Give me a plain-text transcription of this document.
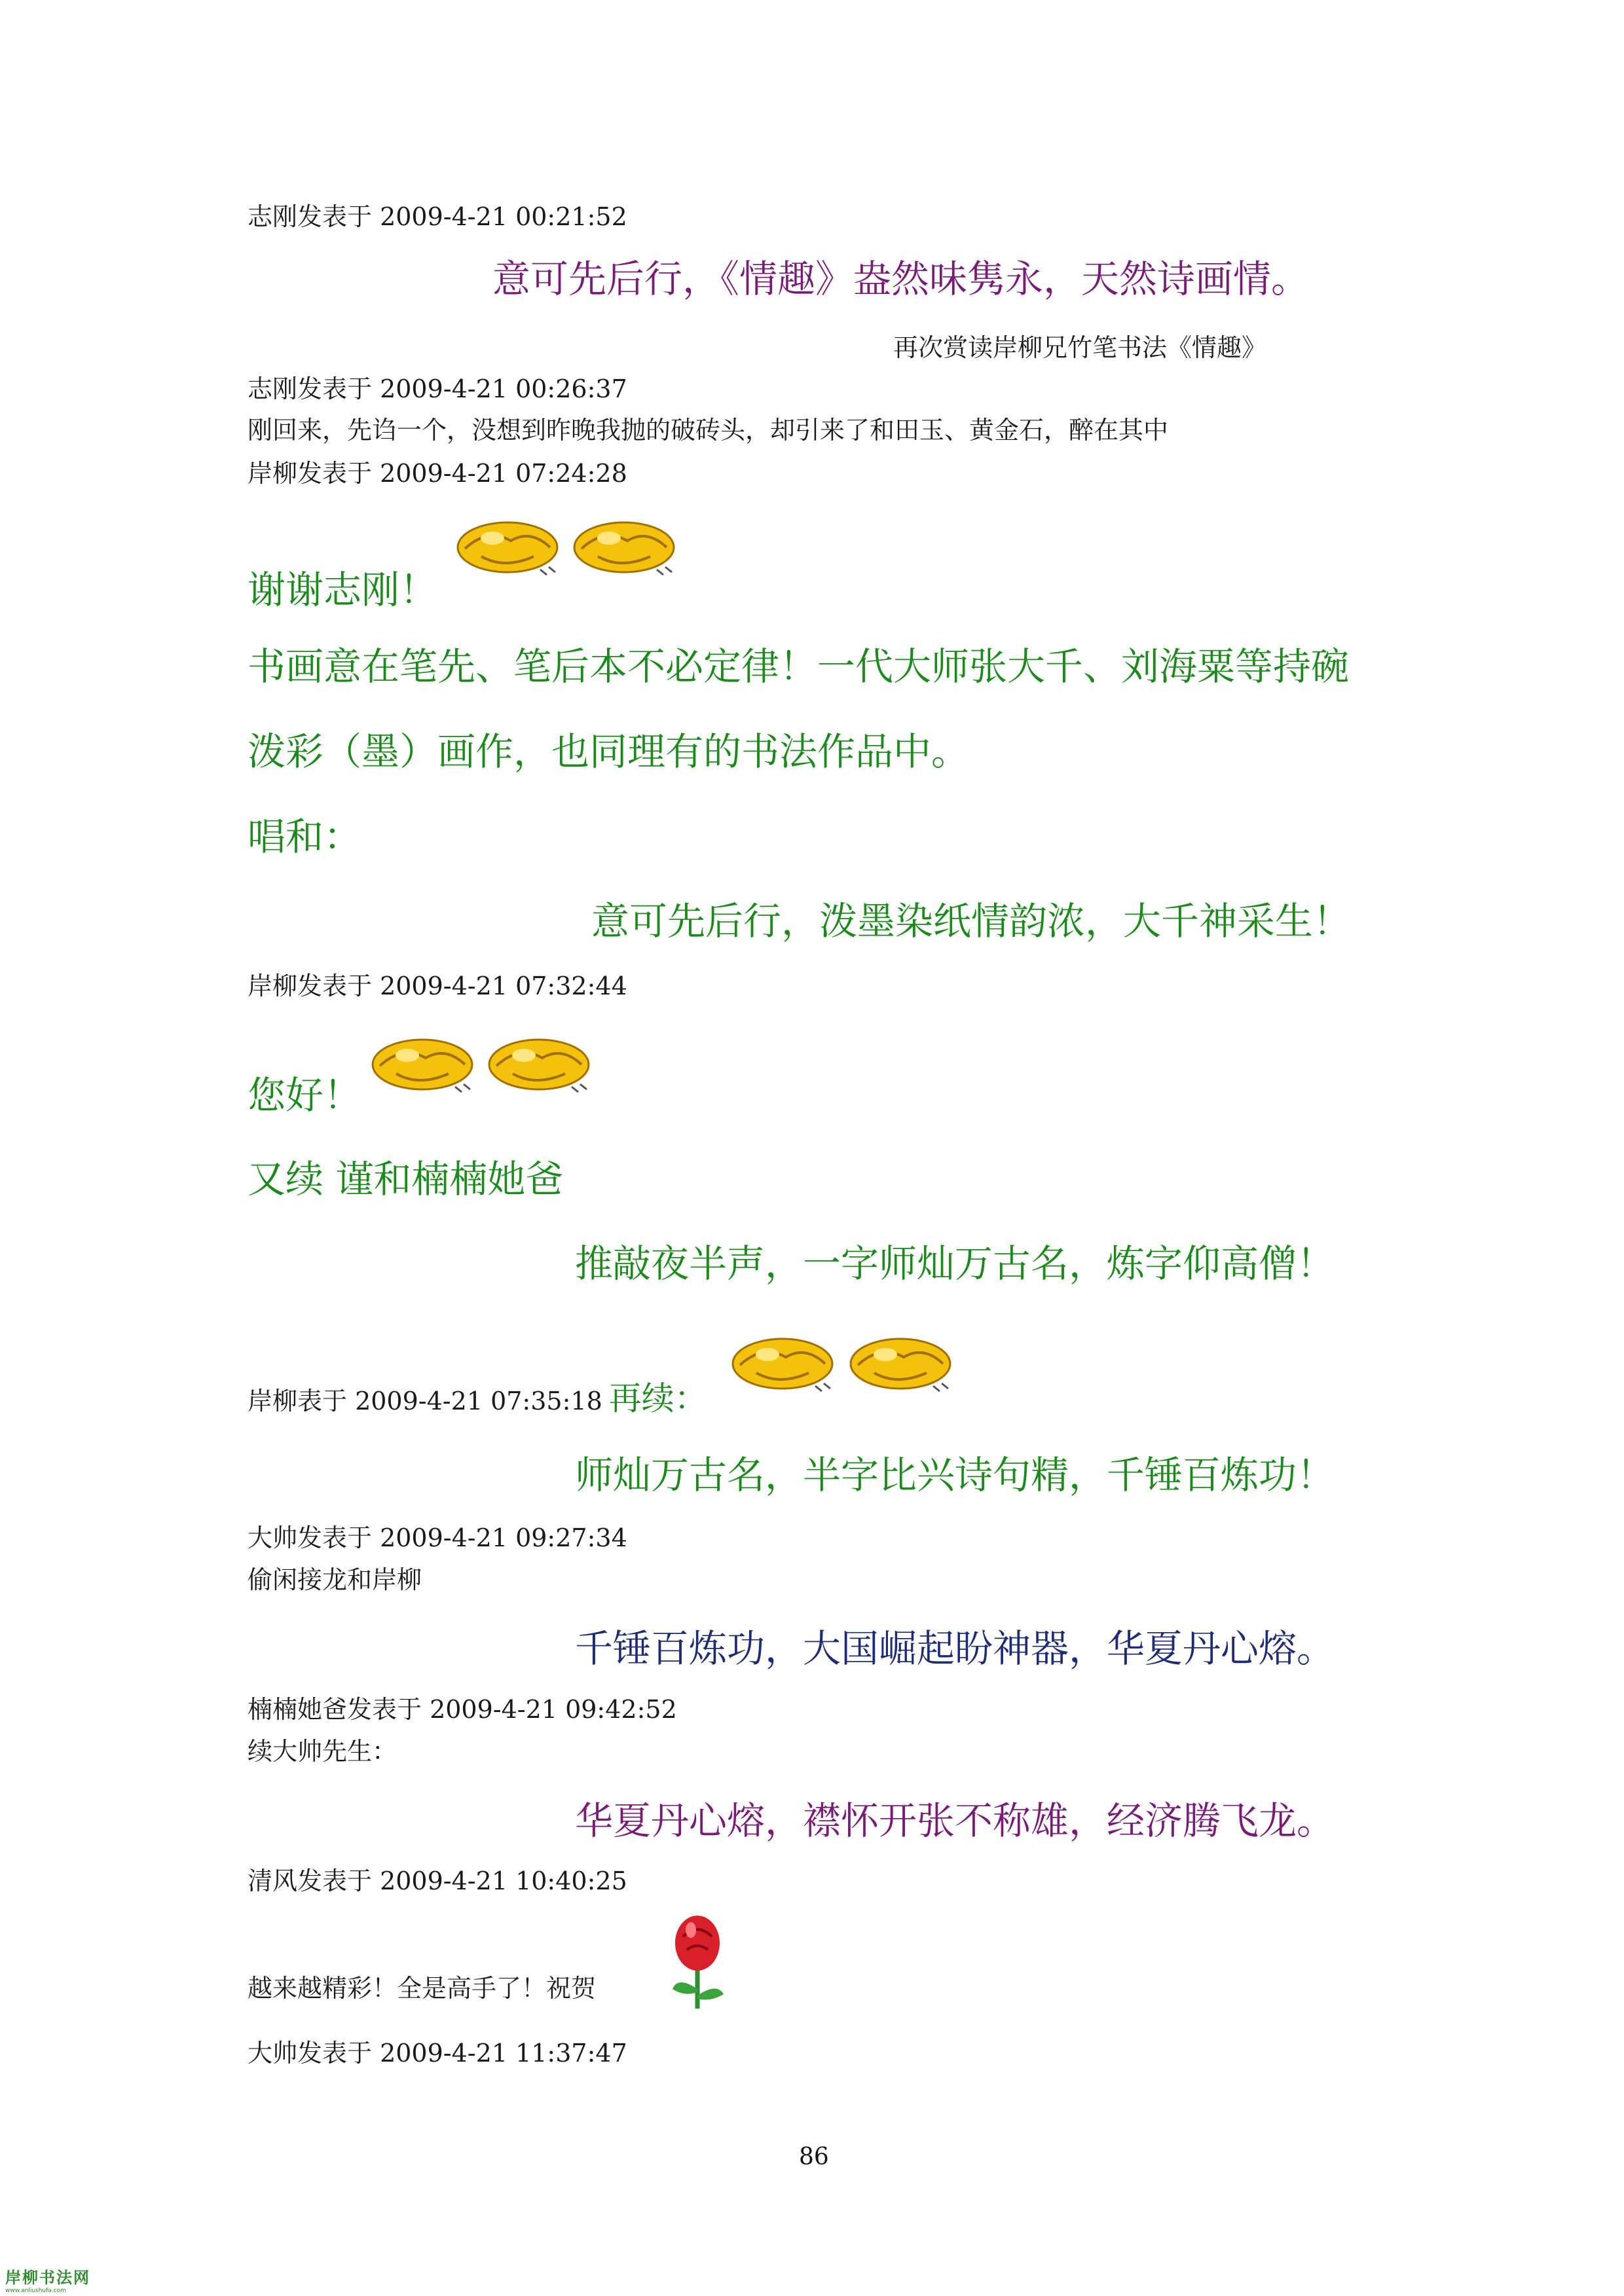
志刚发表于 2009-4-21 00:21:52
意可先后行，《情趣》盎然味隽永，天然诗画情。
再次赏读岸柳兄竹笔书法《情趣》
志刚发表于 2009-4-21 00:26:37
刚回来，先诌一个，没想到昨晚我抛的破砖头，却引来了和田玉、黄金石，醉在其中
岸柳发表于 2009-4-21 07:24:28
谢谢志刚！
书画意在笔先、笔后本不必定律！一代大师张大千、刘海粟等持碗
泼彩（墨）画作，也同理有的书法作品中。
唱和：
意可先后行，泼墨染纸情韵浓，大千神采生！
岸柳发表于 2009-4-21 07:32:44
您好！
又续 谨和楠楠她爸
推敲夜半声，一字师灿万古名，炼字仰高僧！
岸柳表于 2009-4-21 07:35:18 再续：
师灿万古名，半字比兴诗句精，千锤百炼功！
大帅发表于 2009-4-21 09:27:34
偷闲接龙和岸柳
千锤百炼功，大国崛起盼神器，华夏丹心熔。
楠楠她爸发表于 2009-4-21 09:42:52
续大帅先生：
华夏丹心熔，襟怀开张不称雄，经济腾飞龙。
清风发表于 2009-4-21 10:40:25
越来越精彩！全是高手了！祝贺
大帅发表于 2009-4-21 11:37:47
86
岸柳书法网
www.anliushufa.com
